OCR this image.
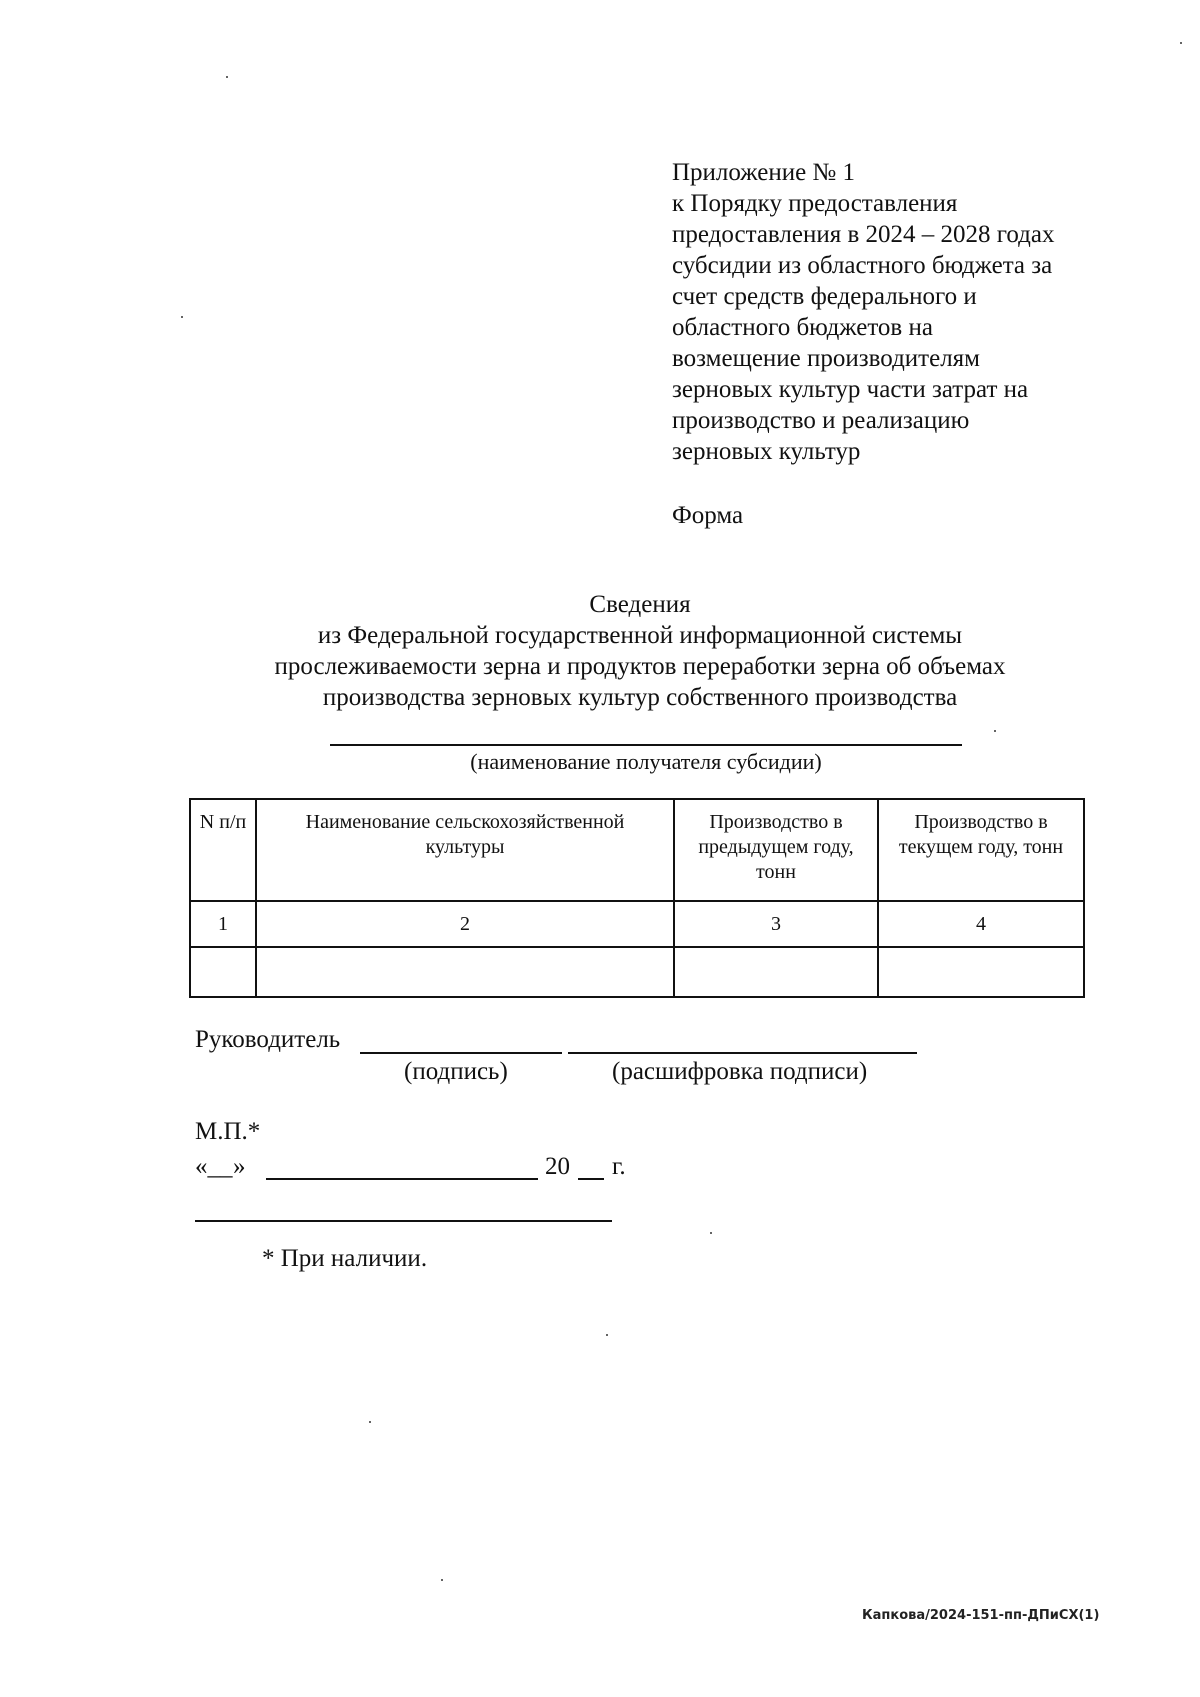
Приложение № 1
к Порядку предоставления
предоставления в 2024 – 2028 годах
субсидии из областного бюджета за
счет средств федерального и
областного бюджетов на
возмещение производителям
зерновых культур части затрат на
производство и реализацию
зерновых культур
Форма
Сведения
из Федеральной государственной информационной системы
прослеживаемости зерна и продуктов переработки зерна об объемах
производства зерновых культур собственного производства
(наименование получателя субсидии)
N п/п	Наименование сельскохозяйственной культуры	Производство в предыдущем году, тонн	Производство в текущем году, тонн
1	2	3	4

Руководитель
(подпись)	(расшифровка подписи)
М.П.*
«__ »	20 г.
* При наличии.
Капкова/2024-151-пп-ДПиСХ(1)
